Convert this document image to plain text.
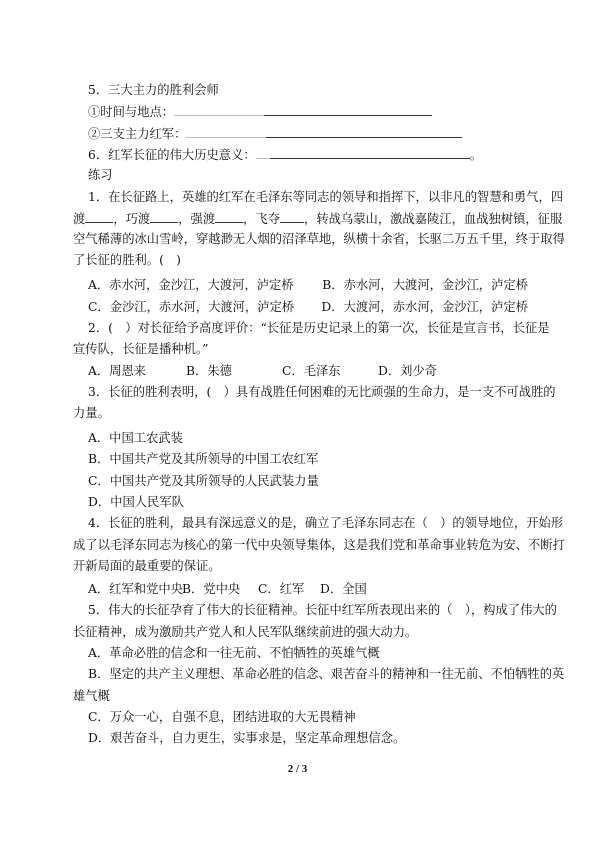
5．三大主力的胜利会师
①时间与地点：
②三支主力红军：
6．红军长征的伟大历史意义：	。
练习
1．在长征路上，英雄的红军在毛泽东等同志的领导和指挥下，以非凡的智慧和勇气，四
渡 ，巧渡 ，强渡 ，飞夺 ，转战乌蒙山，激战嘉陵江，血战独树镇，征服
空气稀薄的冰山雪岭，穿越渺无人烟的沼泽草地，纵横十余省，长驱二万五千里，终于取得
了长征的胜利。(　)
A．赤水河，金沙江，大渡河，泸定桥	B．赤水河，大渡河，金沙江，泸定桥
C．金沙江，赤水河，大渡河，泸定桥	D．大渡河，赤水河，金沙江，泸定桥
2．(　）对长征给予高度评价：“长征是历史记录上的第一次，长征是宣言书，长征是
宣传队，长征是播种机。”
A．周恩来	B．朱德	C．毛泽东	D．刘少奇
3．长征的胜利表明，(　）具有战胜任何困难的无比顽强的生命力，是一支不可战胜的
力量。
A．中国工农武装
B．中国共产党及其所领导的中国工农红军
C．中国共产党及其所领导的人民武装力量
D．中国人民军队
4．长征的胜利，最具有深远意义的是，确立了毛泽东同志在（　）的领导地位，开始形
成了以毛泽东同志为核心的第一代中央领导集体，这是我们党和革命事业转危为安、不断打
开新局面的最重要的保证。
A．红军和党中央 B．党中央	C．红军	D．全国
5．伟大的长征孕育了伟大的长征精神。长征中红军所表现出来的（　），构成了伟大的
长征精神，成为激励共产党人和人民军队继续前进的强大动力。
A．革命必胜的信念和一往无前、不怕牺牲的英雄气概
B．坚定的共产主义理想、革命必胜的信念、艰苦奋斗的精神和一往无前、不怕牺牲的英
雄气概
C．万众一心，自强不息，团结进取的大无畏精神
D．艰苦奋斗，自力更生，实事求是，坚定革命理想信念。
2 / 3
